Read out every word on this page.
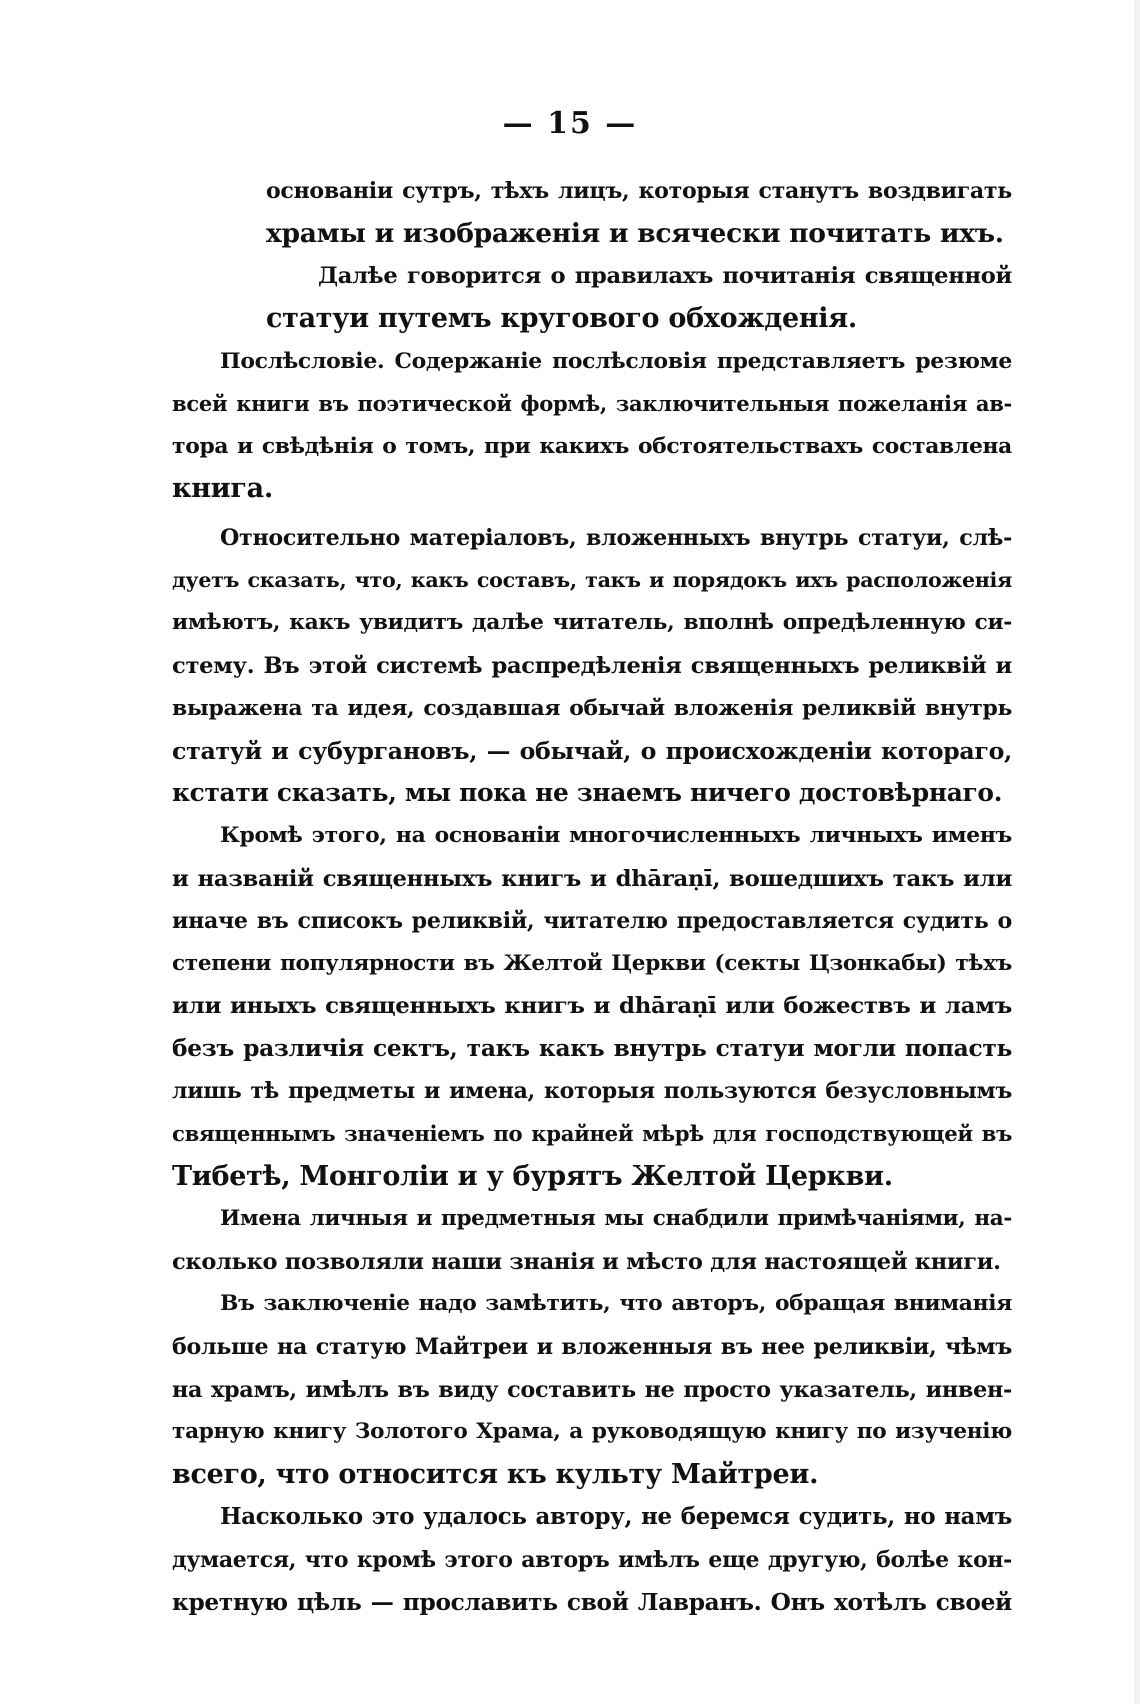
— 15 —
основаніи сутръ, тѣхъ лицъ, которыя станутъ воздвигать
храмы и изображенія и всячески почитать ихъ.
Далѣе говорится о правилахъ почитанія священной
статуи путемъ кругового обхожденія.
Послѣсловіе. Содержаніе послѣсловія представляетъ резюме
всей книги въ поэтической формѣ, заключительныя пожеланія ав-
тора и свѣдѣнія о томъ, при какихъ обстоятельствахъ составлена
книга.
Относительно матеріаловъ, вложенныхъ внутрь статуи, слѣ-
дуетъ сказать, что, какъ составъ, такъ и порядокъ ихъ расположенія
имѣютъ, какъ увидитъ далѣе читатель, вполнѣ опредѣленную си-
стему. Въ этой системѣ распредѣленія священныхъ реликвій и
выражена та идея, создавшая обычай вложенія реликвій внутрь
статуй и субургановъ, — обычай, о происхожденіи котораго,
кстати сказать, мы пока не знаемъ ничего достовѣрнаго.
Кромѣ этого, на основаніи многочисленныхъ личныхъ именъ
и названій священныхъ книгъ и dhāraṇī, вошедшихъ такъ или
иначе въ списокъ реликвій, читателю предоставляется судить о
степени популярности въ Желтой Церкви (секты Цзонкабы) тѣхъ
или иныхъ священныхъ книгъ и dhāraṇī или божествъ и ламъ
безъ различія сектъ, такъ какъ внутрь статуи могли попасть
лишь тѣ предметы и имена, которыя пользуются безусловнымъ
священнымъ значеніемъ по крайней мѣрѣ для господствующей въ
Тибетѣ, Монголіи и у бурятъ Желтой Церкви.
Имена личныя и предметныя мы снабдили примѣчаніями, на-
сколько позволяли наши знанія и мѣсто для настоящей книги.
Въ заключеніе надо замѣтить, что авторъ, обращая вниманія
больше на статую Майтреи и вложенныя въ нее реликвіи, чѣмъ
на храмъ, имѣлъ въ виду составить не просто указатель, инвен-
тарную книгу Золотого Храма, а руководящую книгу по изученію
всего, что относится къ культу Майтреи.
Насколько это удалось автору, не беремся судить, но намъ
думается, что кромѣ этого авторъ имѣлъ еще другую, болѣе кон-
кретную цѣль — прославить свой Лавранъ. Онъ хотѣлъ своей
